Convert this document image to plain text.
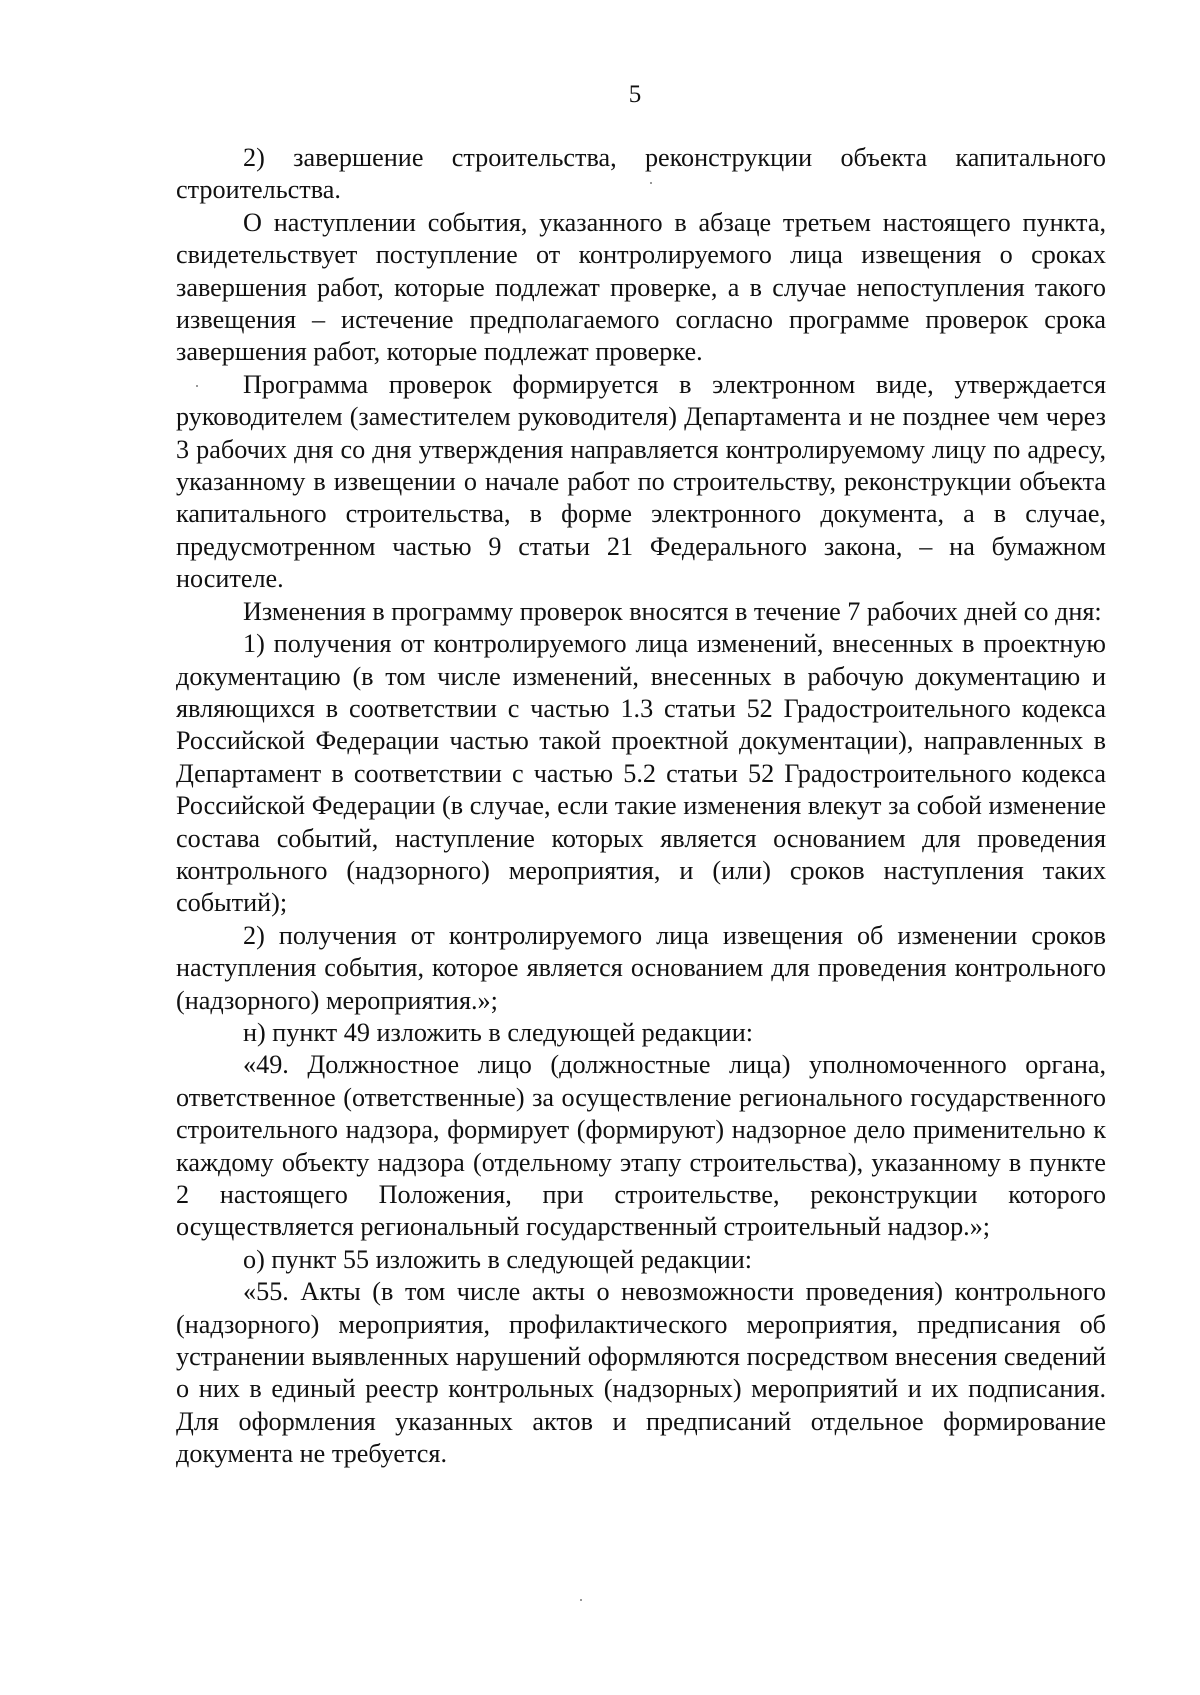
5

2) завершение строительства, реконструкции объекта капитального строительства.

О наступлении события, указанного в абзаце третьем настоящего пункта, свидетельствует поступление от контролируемого лица извещения о сроках завершения работ, которые подлежат проверке, а в случае непоступления такого извещения – истечение предполагаемого согласно программе проверок срока завершения работ, которые подлежат проверке.

Программа проверок формируется в электронном виде, утверждается руководителем (заместителем руководителя) Департамента и не позднее чем через 3 рабочих дня со дня утверждения направляется контролируемому лицу по адресу, указанному в извещении о начале работ по строительству, реконструкции объекта капитального строительства, в форме электронного документа, а в случае, предусмотренном частью 9 статьи 21 Федерального закона, – на бумажном носителе.

Изменения в программу проверок вносятся в течение 7 рабочих дней со дня:

1) получения от контролируемого лица изменений, внесенных в проектную документацию (в том числе изменений, внесенных в рабочую документацию и являющихся в соответствии с частью 1.3 статьи 52 Градостроительного кодекса Российской Федерации частью такой проектной документации), направленных в Департамент в соответствии с частью 5.2 статьи 52 Градостроительного кодекса Российской Федерации (в случае, если такие изменения влекут за собой изменение состава событий, наступление которых является основанием для проведения контрольного (надзорного) мероприятия, и (или) сроков наступления таких событий);

2) получения от контролируемого лица извещения об изменении сроков наступления события, которое является основанием для проведения контрольного (надзорного) мероприятия.»;

н) пункт 49 изложить в следующей редакции:

«49. Должностное лицо (должностные лица) уполномоченного органа, ответственное (ответственные) за осуществление регионального государственного строительного надзора, формирует (формируют) надзорное дело применительно к каждому объекту надзора (отдельному этапу строительства), указанному в пункте 2 настоящего Положения, при строительстве, реконструкции которого осуществляется региональный государственный строительный надзор.»;

о) пункт 55 изложить в следующей редакции:

«55. Акты (в том числе акты о невозможности проведения) контрольного (надзорного) мероприятия, профилактического мероприятия, предписания об устранении выявленных нарушений оформляются посредством внесения сведений о них в единый реестр контрольных (надзорных) мероприятий и их подписания. Для оформления указанных актов и предписаний отдельное формирование документа не требуется.
